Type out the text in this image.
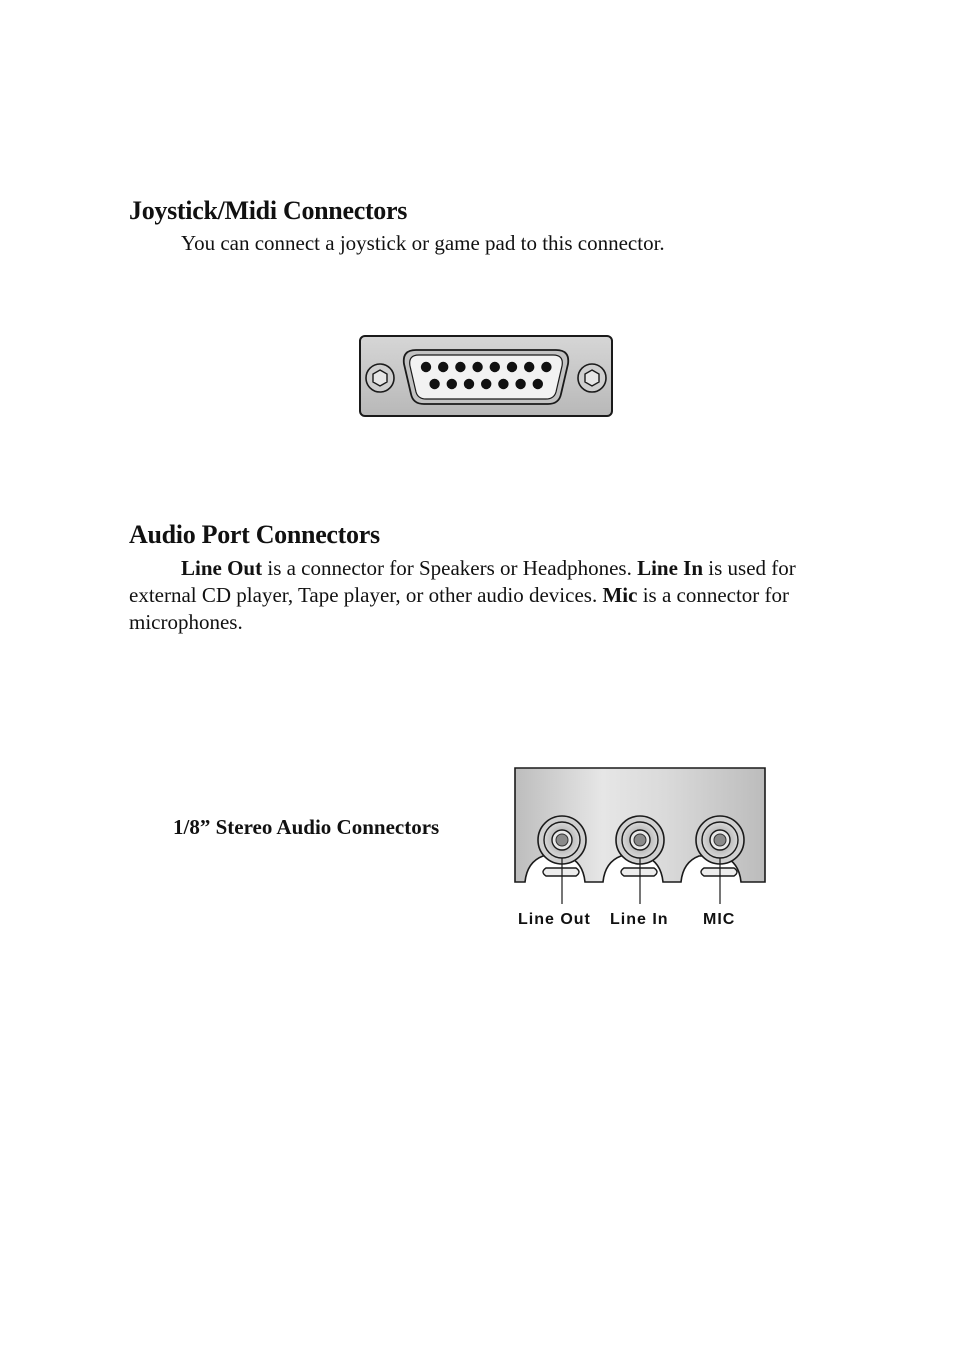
Joystick/Midi Connectors

You can connect a joystick or game pad to this connector.

Audio Port Connectors

Line Out is a connector for Speakers or Headphones. Line In is used for external CD player, Tape player, or other audio devices. Mic is a connector for microphones.

1/8” Stereo Audio Connectors
Line Out Line In MIC
